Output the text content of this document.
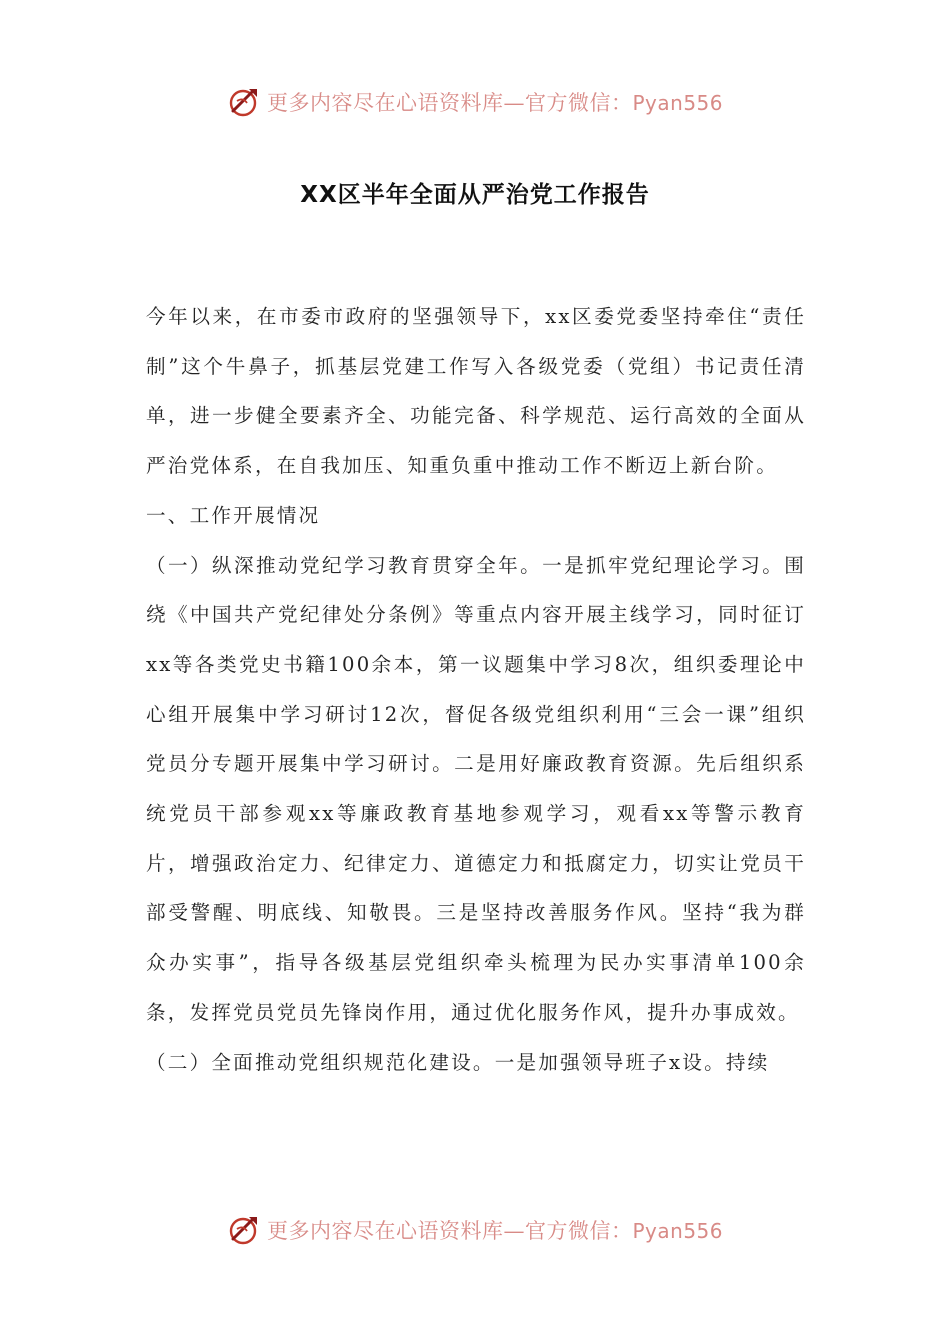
更多内容尽在心语资料库—官方微信：Pyan556
XX区半年全面从严治党工作报告

今年以来，在市委市政府的坚强领导下，xx区委党委坚持牵住“责任制”这个牛鼻子，抓基层党建工作写入各级党委（党组）书记责任清单，进一步健全要素齐全、功能完备、科学规范、运行高效的全面从严治党体系，在自我加压、知重负重中推动工作不断迈上新台阶。

一、工作开展情况

（一）纵深推动党纪学习教育贯穿全年。一是抓牢党纪理论学习。围绕《中国共产党纪律处分条例》等重点内容开展主线学习，同时征订xx等各类党史书籍100余本，第一议题集中学习8次，组织委理论中心组开展集中学习研讨12次，督促各级党组织利用“三会一课”组织党员分专题开展集中学习研讨。二是用好廉政教育资源。先后组织系统党员干部参观xx等廉政教育基地参观学习，观看xx等警示教育片，增强政治定力、纪律定力、道德定力和抵腐定力，切实让党员干部受警醒、明底线、知敬畏。三是坚持改善服务作风。坚持“我为群众办实事”，指导各级基层党组织牵头梳理为民办实事清单100余条，发挥党员党员先锋岗作用，通过优化服务作风，提升办事成效。

（二）全面推动党组织规范化建设。一是加强领导班子x设。持续

更多内容尽在心语资料库—官方微信：Pyan556
